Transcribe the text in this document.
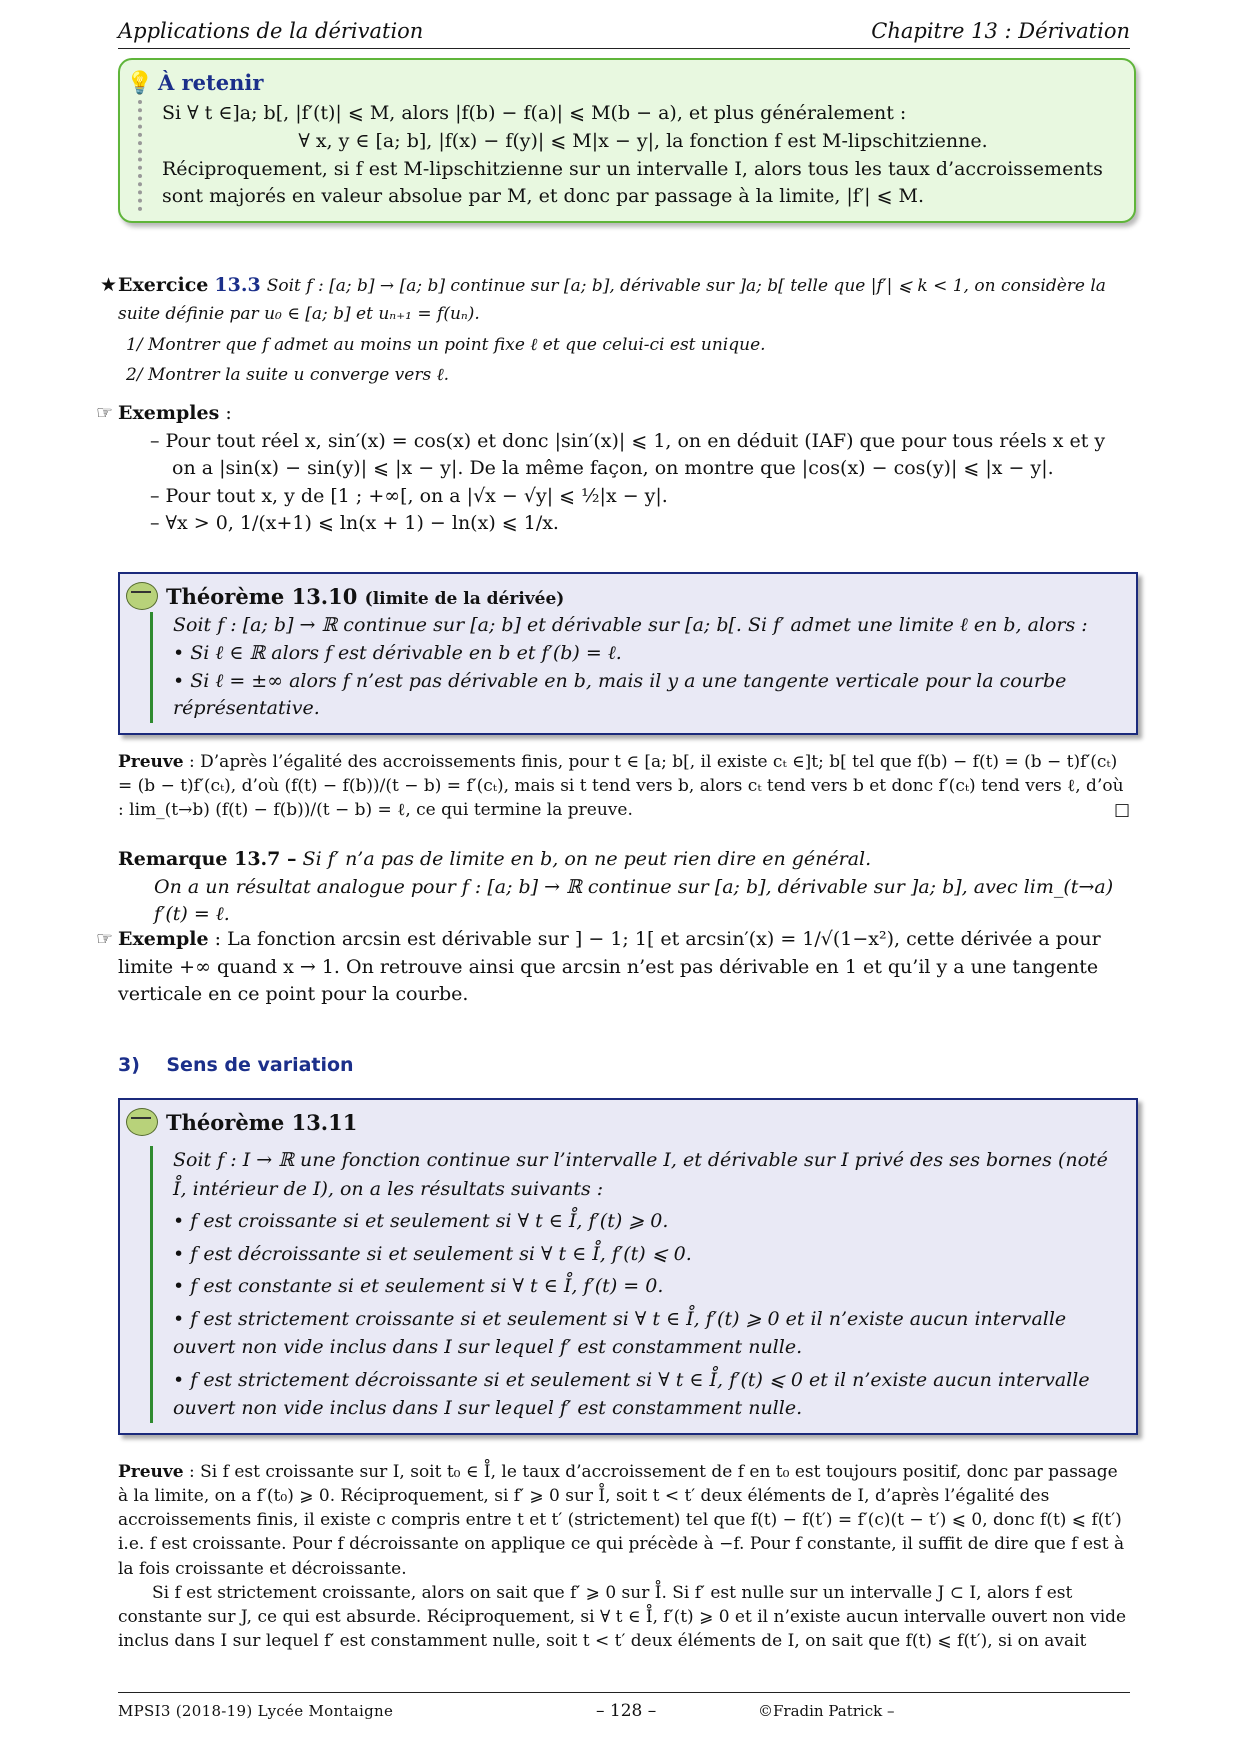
Applications de la dérivation	Chapitre 13 : Dérivation
💡 À retenir
Si ∀ t ∈]a; b[, |f′(t)| ⩽ M, alors |f(b) − f(a)| ⩽ M(b − a), et plus généralement :
∀ x, y ∈ [a; b], |f(x) − f(y)| ⩽ M|x − y|, la fonction f est M-lipschitzienne.
Réciproquement, si f est M-lipschitzienne sur un intervalle I, alors tous les taux d’accroissements sont majorés en valeur absolue par M, et donc par passage à la limite, |f′| ⩽ M.
★ Exercice 13.3 Soit f : [a; b] → [a; b] continue sur [a; b], dérivable sur ]a; b[ telle que |f′| ⩽ k < 1, on considère la suite définie par u₀ ∈ [a; b] et uₙ₊₁ = f(uₙ).
1/ Montrer que f admet au moins un point fixe ℓ et que celui-ci est unique.
2/ Montrer la suite u converge vers ℓ.
☞ Exemples :
– Pour tout réel x, sin′(x) = cos(x) et donc |sin′(x)| ⩽ 1, on en déduit (IAF) que pour tous réels x et y on a |sin(x) − sin(y)| ⩽ |x − y|. De la même façon, on montre que |cos(x) − cos(y)| ⩽ |x − y|.
– Pour tout x, y de [1 ; +∞[, on a |√x − √y| ⩽ ½|x − y|.
– ∀x > 0, 1/(x+1) ⩽ ln(x + 1) − ln(x) ⩽ 1/x.
Théorème 13.10 (limite de la dérivée)
Soit f : [a; b] → ℝ continue sur [a; b] et dérivable sur [a; b[. Si f′ admet une limite ℓ en b, alors :
• Si ℓ ∈ ℝ alors f est dérivable en b et f′(b) = ℓ.
• Si ℓ = ±∞ alors f n’est pas dérivable en b, mais il y a une tangente verticale pour la courbe réprésentative.
Preuve : D’après l’égalité des accroissements finis, pour t ∈ [a; b[, il existe cₜ ∈]t; b[ tel que f(b) − f(t) = (b − t)f′(cₜ) = (b − t)f′(cₜ), d’où (f(t) − f(b))/(t − b) = f′(cₜ), mais si t tend vers b, alors cₜ tend vers b et donc f′(cₜ) tend vers ℓ, d’où : lim_(t→b) (f(t) − f(b))/(t − b) = ℓ, ce qui termine la preuve.	□
Remarque 13.7 – Si f′ n’a pas de limite en b, on ne peut rien dire en général.
On a un résultat analogue pour f : [a; b] → ℝ continue sur [a; b], dérivable sur ]a; b], avec lim_(t→a) f′(t) = ℓ.
☞ Exemple : La fonction arcsin est dérivable sur ] − 1; 1[ et arcsin′(x) = 1/√(1−x²), cette dérivée a pour limite +∞ quand x → 1. On retrouve ainsi que arcsin n’est pas dérivable en 1 et qu’il y a une tangente verticale en ce point pour la courbe.
3) Sens de variation
Théorème 13.11
Soit f : I → ℝ une fonction continue sur l’intervalle I, et dérivable sur I privé des ses bornes (noté I̊, intérieur de I), on a les résultats suivants :
• f est croissante si et seulement si ∀ t ∈ I̊, f′(t) ⩾ 0.
• f est décroissante si et seulement si ∀ t ∈ I̊, f′(t) ⩽ 0.
• f est constante si et seulement si ∀ t ∈ I̊, f′(t) = 0.
• f est strictement croissante si et seulement si ∀ t ∈ I̊, f′(t) ⩾ 0 et il n’existe aucun intervalle ouvert non vide inclus dans I sur lequel f′ est constamment nulle.
• f est strictement décroissante si et seulement si ∀ t ∈ I̊, f′(t) ⩽ 0 et il n’existe aucun intervalle ouvert non vide inclus dans I sur lequel f′ est constamment nulle.
Preuve : Si f est croissante sur I, soit t₀ ∈ I̊, le taux d’accroissement de f en t₀ est toujours positif, donc par passage à la limite, on a f′(t₀) ⩾ 0. Réciproquement, si f′ ⩾ 0 sur I̊, soit t < t′ deux éléments de I, d’après l’égalité des accroissements finis, il existe c compris entre t et t′ (strictement) tel que f(t) − f(t′) = f′(c)(t − t′) ⩽ 0, donc f(t) ⩽ f(t′) i.e. f est croissante. Pour f décroissante on applique ce qui précède à −f. Pour f constante, il suffit de dire que f est à la fois croissante et décroissante.
Si f est strictement croissante, alors on sait que f′ ⩾ 0 sur I̊. Si f′ est nulle sur un intervalle J ⊂ I, alors f est constante sur J, ce qui est absurde. Réciproquement, si ∀ t ∈ I̊, f′(t) ⩾ 0 et il n’existe aucun intervalle ouvert non vide inclus dans I sur lequel f′ est constamment nulle, soit t < t′ deux éléments de I, on sait que f(t) ⩽ f(t′), si on avait
MPSI3 (2018-19) Lycée Montaigne	– 128 –	©Fradin Patrick –
